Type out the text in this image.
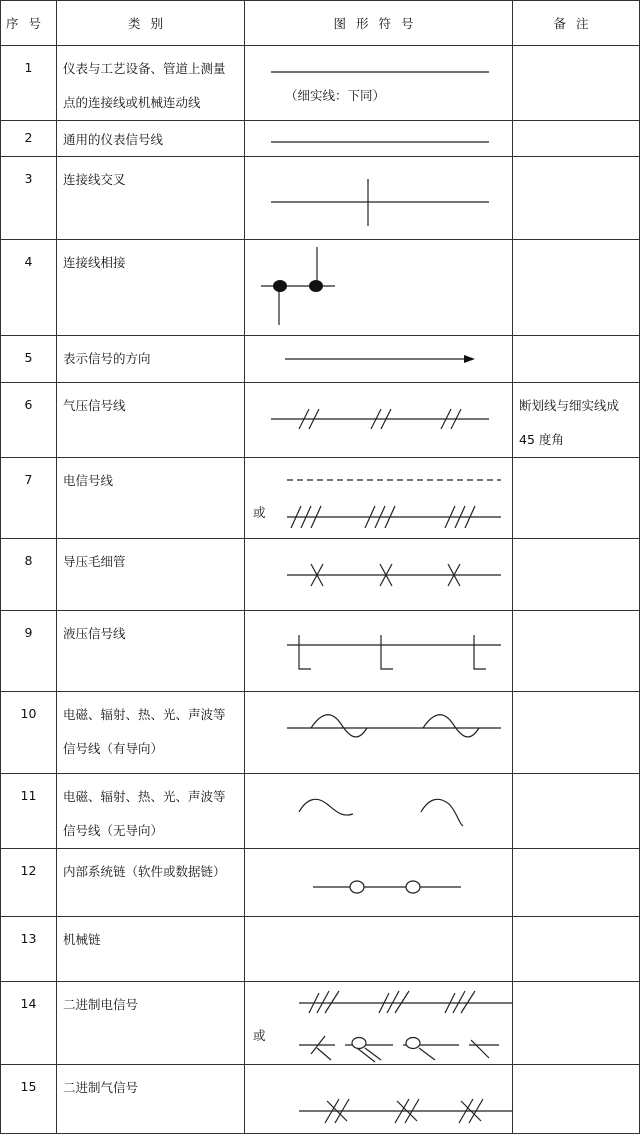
序号	类别	图形符号	备注
1	仪表与工艺设备、管道上测量
点的连接线或机械连动线	（细实线：下同）	

2	通用的仪表信号线

3	连接线交叉

4	连接线相接

5	表示信号的方向

6	气压信号线		断划线与细实线成
45 度角

7	电信号线	或	

8	导压毛细管

9	液压信号线

10	电磁、辐射、热、光、声波等
信号线（有导向）

11	电磁、辐射、热、光、声波等
信号线（无导向）

12	内部系统链（软件或数据链）

13	机械链		

14	二进制电信号	或	

15	二进制气信号
